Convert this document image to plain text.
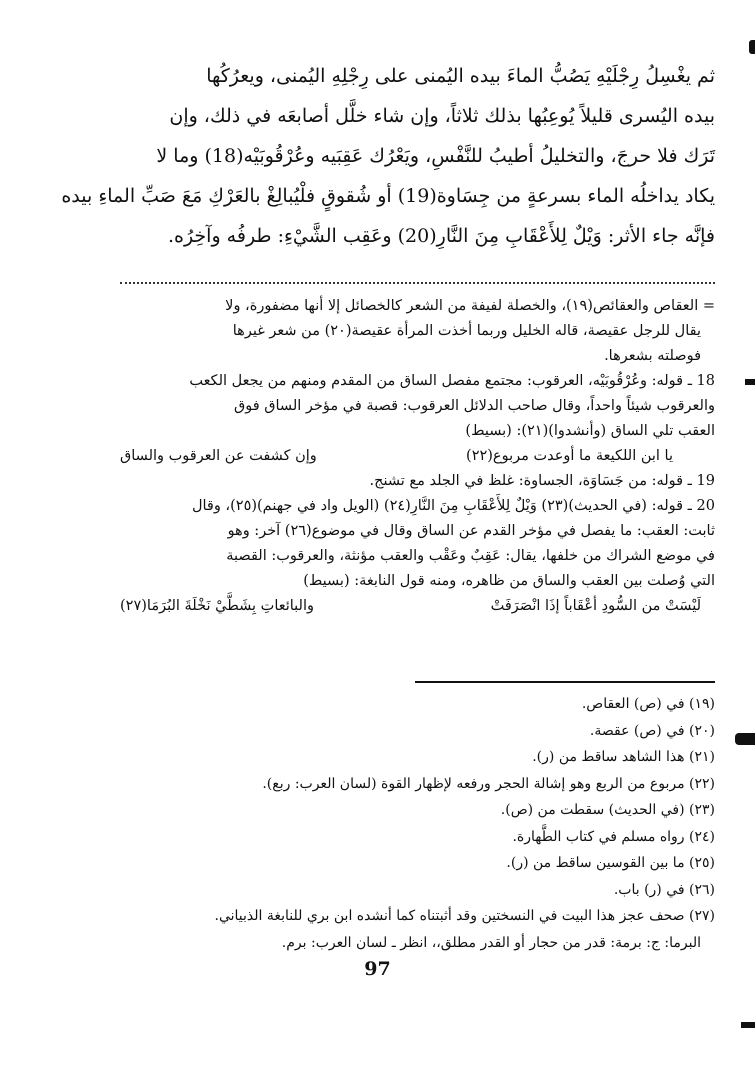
ثم يغْسِلُ رِجْلَيْهِ يَصُبُّ الماءَ بيده اليُمنى على رِجْلِهِ اليُمنى، ويعرُكُها

بيده اليُسرى قليلاً يُوعِبُها بذلك ثلاثاً، وإن شاء خلَّل أصابعَه في ذلك، وإن

تَرَك فلا حرجَ، والتخليلُ أطيبُ للنَّفْسِ، ويَعْرُك عَقِبَيه وعُرْقُوبَيْه(18) وما لا

يكاد يداخلُه الماء بسرعةٍ من جِسَاوة(19) أو شُقوقٍ فلْيُبالِغْ بالعَرْكِ مَعَ صَبِّ الماءِ بيده

فإنَّه جاء الأثر: وَيْلٌ لِلأَعْقَابِ مِنَ النَّارِ(20) وعَقِب الشَّيْءِ: طرفُه وآخِرُه.

= العقاص والعقائص(١٩)، والخصلة لفيفة من الشعر كالخصائل إلا أنها مضفورة، ولا
يقال للرجل عقيصة، قاله الخليل وربما أخذت المرأة عقيصة(٢٠) من شعر غيرها
فوصلته بشعرها.
18 ـ قوله: وعُرْقُوبَيْه، العرقوب: مجتمع مفصل الساق من المقدم ومنهم من يجعل الكعب
والعرقوب شيئاً واحداً، وقال صاحب الدلائل العرقوب: قصبة في مؤخر الساق فوق
العقب تلي الساق (وأنشدوا)(٢١): (بسيط)
يا ابن اللكيعة ما أوعدت مربوع(٢٢)
وإن كشفت عن العرقوب والساق
19 ـ قوله: من جَسَاوَة، الجساوة: غلظ في الجلد مع تشنج.
20 ـ قوله: (في الحديث)(٢٣) وَيْلٌ لِلأَعْقَابِ مِنَ النَّارِ(٢٤) (الويل واد في جهنم)(٢٥)، وقال
ثابت: العقب: ما يفصل في مؤخر القدم عن الساق وقال في موضوع(٢٦) آخر: وهو
في موضع الشراك من خلفها، يقال: عَقِبٌ وعَقْب والعقب مؤنثة، والعرقوب: القصبة
التي وُصلت بين العقب والساق من ظاهره، ومنه قول النابغة: (بسيط)
لَيْسَتْ من السُّودِ أعْقَاباً إذَا انْصَرَفَتْ
والبائعاتِ بِشَطَّيْ نَخْلَةَ البُرَمَا(٢٧)
(١٩) في (ص) العقاص.
(٢٠) في (ص) عقصة.
(٢١) هذا الشاهد ساقط من (ر).
(٢٢) مربوع من الربع وهو إشالة الحجر ورفعه لإظهار القوة (لسان العرب: ربع).
(٢٣) (في الحديث) سقطت من (ص).
(٢٤) رواه مسلم في كتاب الطَّهارة.
(٢٥) ما بين القوسين ساقط من (ر).
(٢٦) في (ر) باب.
(٢٧) صحف عجز هذا البيت في النسختين وقد أثبتناه كما أنشده ابن بري للنابغة الذبياني.
البرما: ج: برمة: قدر من حجار أو القدر مطلق،، انظر ـ لسان العرب: برم.
97
